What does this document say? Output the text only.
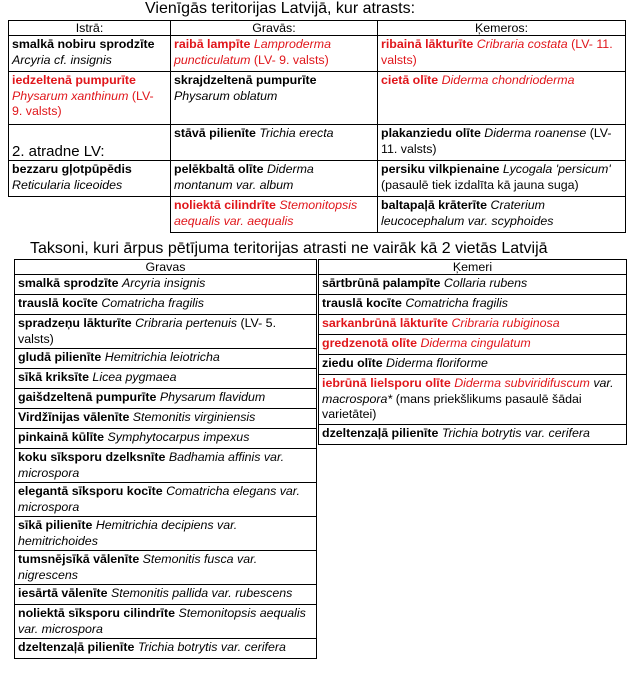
Vienīgās teritorijas Latvijā, kur atrasts:
Istrā:	Gravās:	Ķemeros:
smalkā nobiru sprodzīte Arcyria cf. insignis	raibā lampīte Lamproderma puncticulatum (LV- 9. valsts)	ribainā lākturīte Cribraria costata (LV- 11. valsts)
iedzeltenā pumpurīte Physarum xanthinum (LV- 9. valsts)	skrajdzeltenā pumpurīte Physarum oblatum	cietā olīte Diderma chondrioderma
2. atradne LV:	stāvā pilienīte Trichia erecta	plakanziedu olīte Diderma roanense (LV- 11. valsts)
bezzaru gļotpūpēdis Reticularia liceoides	pelēkbaltā olīte Diderma montanum var. album	persiku vilkpienaine Lycogala 'persicum' (pasaulē tiek izdalīta kā jauna suga)
	noliektā cilindrīte Stemonitopsis aequalis var. aequalis	baltapaļā krāterīte Craterium leucocephalum var. scyphoides
Taksoni, kuri ārpus pētījuma teritorijas atrasti ne vairāk kā 2 vietās Latvijā
Gravas
smalkā sprodzīte Arcyria insignis
trauslā kocīte Comatricha fragilis
spradzeņu lākturīte Cribraria pertenuis (LV- 5. valsts)
gludā pilienīte Hemitrichia leiotricha
sīkā kriksīte Licea pygmaea
gaišdzeltenā pumpurīte Physarum flavidum
Virdžīnijas vālenīte Stemonitis virginiensis
pinkainā kūlīte Symphytocarpus impexus
koku sīksporu dzelksnīte Badhamia affinis var. microspora
elegantā sīksporu kocīte Comatricha elegans var. microspora
sīkā pilienīte Hemitrichia decipiens var. hemitrichoides
tumsnējsīkā vālenīte Stemonitis fusca var. nigrescens
iesārtā vālenīte Stemonitis pallida var. rubescens
noliektā sīksporu cilindrīte Stemonitopsis aequalis var. microspora
dzeltenzaļā pilienīte Trichia botrytis var. cerifera
Ķemeri
sārtbrūnā palampīte Collaria rubens
trauslā kocīte Comatricha fragilis
sarkanbrūnā lākturīte Cribraria rubiginosa
gredzenotā olīte Diderma cingulatum
ziedu olīte Diderma floriforme
iebrūnā lielsporu olīte Diderma subviridifuscum var. macrospora* (mans priekšlikums pasaulē šādai varietātei)
dzeltenzaļā pilienīte Trichia botrytis var. cerifera
